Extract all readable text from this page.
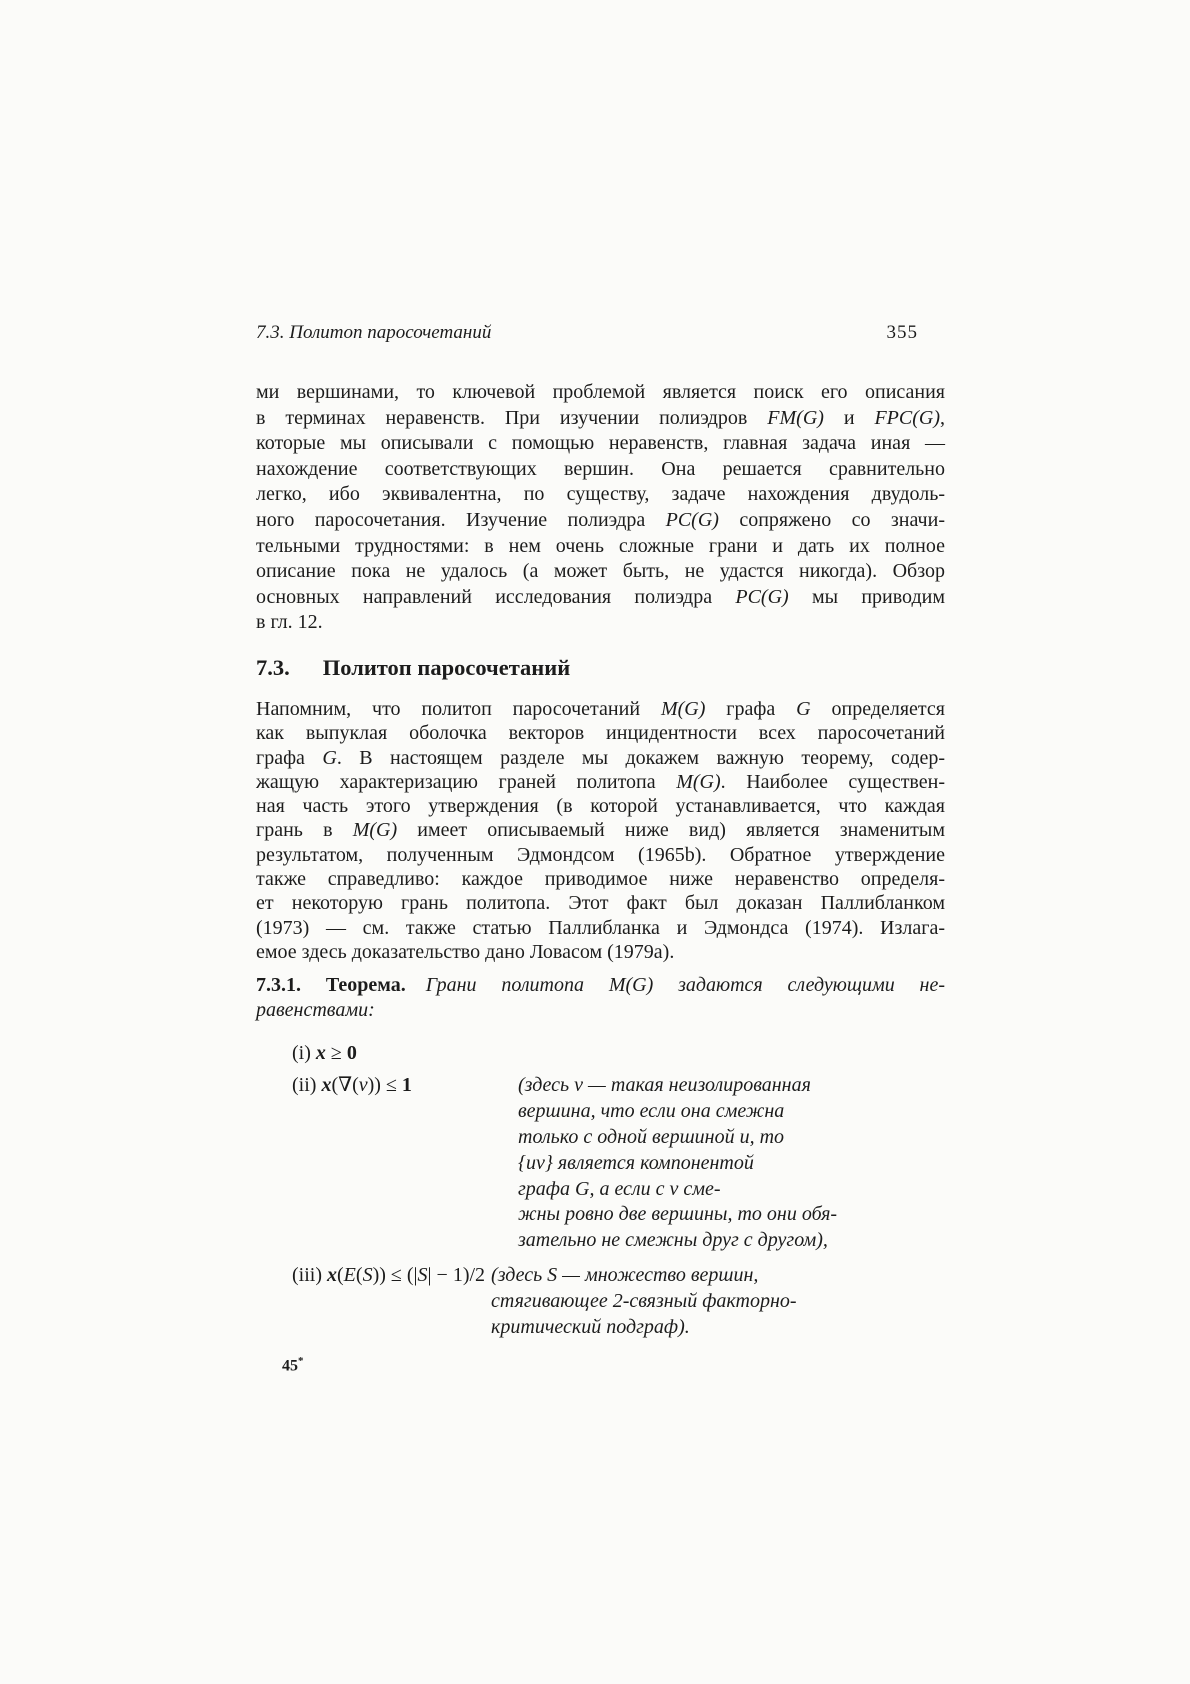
7.3. Политоп паросочетаний	355
ми вершинами, то ключевой проблемой является поиск его описания
в терминах неравенств. При изучении полиэдров FM(G) и FPC(G),
которые мы описывали с помощью неравенств, главная задача иная —
нахождение соответствующих вершин. Она решается сравнительно
легко, ибо эквивалентна, по существу, задаче нахождения двудоль-
ного паросочетания. Изучение полиэдра PC(G) сопряжено со значи-
тельными трудностями: в нем очень сложные грани и дать их полное
описание пока не удалось (а может быть, не удастся никогда). Обзор
основных направлений исследования полиэдра PC(G) мы приводим
в гл. 12.
7.3. Политоп паросочетаний
Напомним, что политоп паросочетаний M(G) графа G определяется
как выпуклая оболочка векторов инцидентности всех паросочетаний
графа G. В настоящем разделе мы докажем важную теорему, содер-
жащую характеризацию граней политопа M(G). Наиболее существен-
ная часть этого утверждения (в которой устанавливается, что каждая
грань в M(G) имеет описываемый ниже вид) является знаменитым
результатом, полученным Эдмондсом (1965b). Обратное утверждение
также справедливо: каждое приводимое ниже неравенство определя-
ет некоторую грань политопа. Этот факт был доказан Паллибланком
(1973) — см. также статью Паллибланка и Эдмондса (1974). Излага-
емое здесь доказательство дано Ловасом (1979a).
7.3.1. Теорема.   Грани политопа M(G) задаются следующими не-
равенствами:
(i) x ≥ 0
(ii) x(∇(v)) ≤ 1	(здесь v — такая неизолированная
вершина, что если она смежна
только с одной вершиной u, то
{uv} является компонентой
графа G, а если с v сме-
жны ровно две вершины, то они обя-
зательно не смежны друг с другом),
(iii) x(E(S)) ≤ (|S| − 1)/2 (здесь S — множество вершин,
стягивающее 2-связный факторно-
критический подграф).
45*
